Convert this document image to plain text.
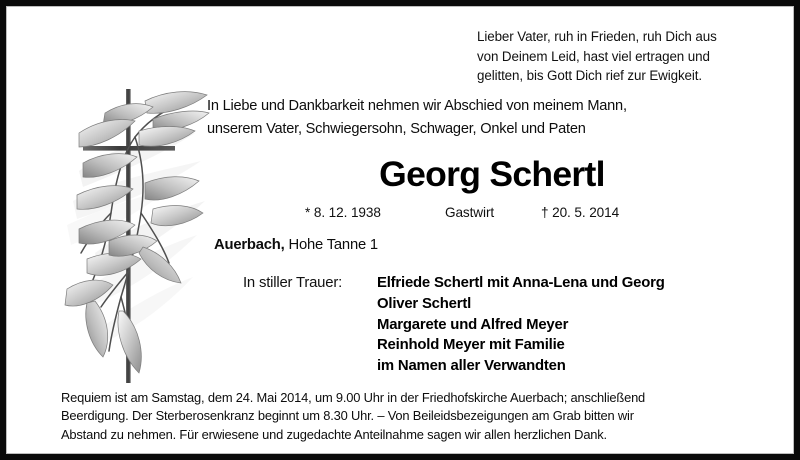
Lieber Vater, ruh in Frieden, ruh Dich aus
von Deinem Leid, hast viel ertragen und
gelitten, bis Gott Dich rief zur Ewigkeit.
In Liebe und Dankbarkeit nehmen wir Abschied von meinem Mann,
unserem Vater, Schwiegersohn, Schwager, Onkel und Paten
Georg Schertl
* 8. 12. 1938	Gastwirt	† 20. 5. 2014
Auerbach, Hohe Tanne 1
In stiller Trauer: Elfriede Schertl mit Anna-Lena und Georg
Oliver Schertl
Margarete und Alfred Meyer
Reinhold Meyer mit Familie
im Namen aller Verwandten
Requiem ist am Samstag, dem 24. Mai 2014, um 9.00 Uhr in der Friedhofskirche Auerbach; anschließend
Beerdigung. Der Sterberosenkranz beginnt um 8.30 Uhr. – Von Beileidsbezeigungen am Grab bitten wir
Abstand zu nehmen. Für erwiesene und zugedachte Anteilnahme sagen wir allen herzlichen Dank.
